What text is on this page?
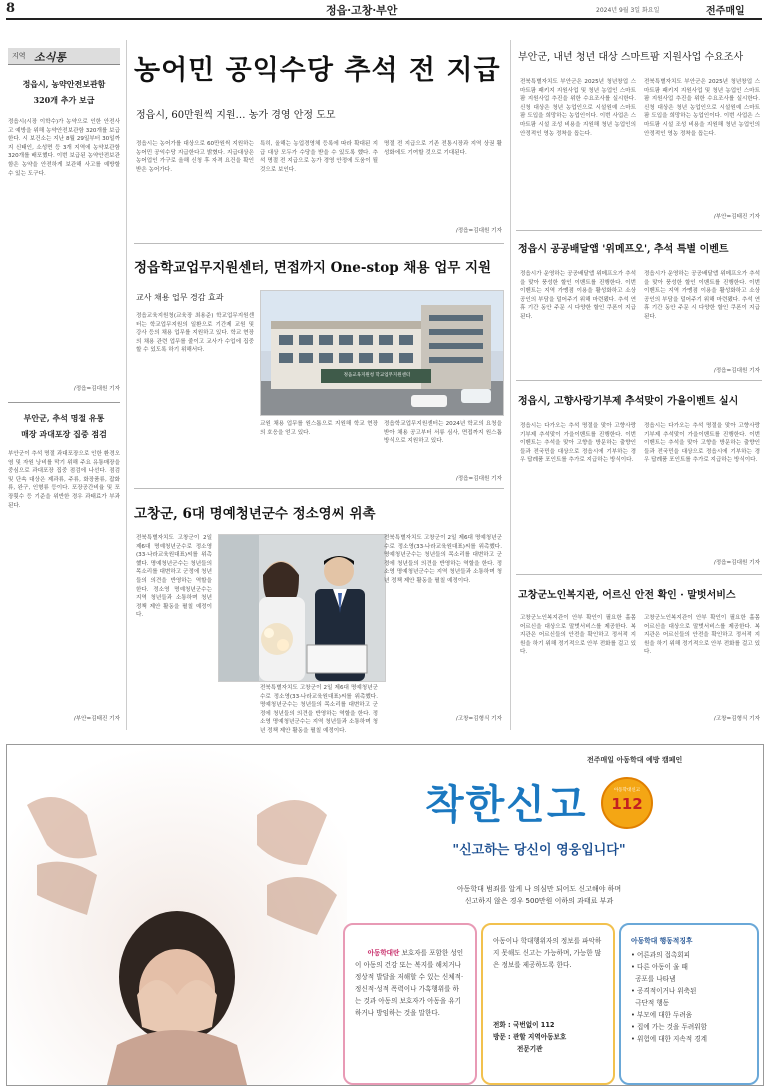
8	정읍·고창·부안	2024년 9월 3일 화요일	전주매일
지역 소식통
정읍시, 농약안전보관함
320개 추가 보급
정읍시(시장 이학수)가 농약으로 인한 안전사고 예방을 위해 농약안전보관함 320개를 보급한다. 시 보건소는 지난 8월 29일부터 30일까지 신태인, 소성면 등 3개 지역에 농약보관함 320개를 배포했다. 이번 보급된 농약안전보관함은 농약을 안전하게 보관해 사고를 예방할 수 있는 도구다.
/정읍=김대원 기자
부안군, 추석 명절 유통
매장 과대포장 집중 점검
부안군이 추석 명절 과대포장으로 인한 환경오염 및 자원 낭비를 막기 위해 주요 유통매장을 중심으로 과대포장 집중 점검에 나선다. 점검 및 단속 대상은 제과류, 주류, 화장품류, 잡화류, 완구, 인형류 등이다. 포장공간비율 및 포장횟수 등 기준을 위반한 경우 과태료가 부과된다.
/부안=김태진 기자
농어민 공익수당 추석 전 지급
정읍시, 60만원씩 지원… 농가 경영 안정 도모
정읍시는 농어가를 대상으로 60만원씩 지원하는 농어민 공익수당 지급한다고 밝혔다. 지급대상은 농어업인 가구로 올해 신청 후 자격 요건을 확인받은 농어가다.
특히, 올해는 농업경영체 등록에 따라 확대된 지급 대상 모두가 수당을 받을 수 있도록 했다. 추석 명절 전 지급으로 농가 경영 안정에 도움이 될 것으로 보인다.
명절 전 지급으로 기존 전통시장과 지역 상권 활성화에도 기여할 것으로 기대된다.
/정읍=김대원 기자
정읍학교업무지원센터, 면접까지 One-stop 채용 업무 지원
교사 채용 업무 경감 효과
정읍교육지원청(교육장 최용준) 학교업무지원센터는 학교업무지원의 일환으로 기간제 교원 및 강사 등의 채용 업무를 지원하고 있다. 학교 현장의 채용 관련 업무를 줄이고 교사가 수업에 집중할 수 있도록 하기 위해서다.
정읍교육지원청 학교업무지원센터
교원 채용 업무를 원스톱으로 지원해 학교 현장의 호응을 얻고 있다.
정읍학교업무지원센터는 2024년 학교의 요청을 받아 채용 공고부터 서류 심사, 면접까지 원스톱 방식으로 지원하고 있다.
/정읍=김대원 기자
고창군, 6대 명예청년군수 정소영씨 위촉
전북특별자치도 고창군이 2일 제6대 명예청년군수로 정소영(33·나라교육원대표)씨를 위촉했다. 명예청년군수는 청년들의 목소리를 대변하고 군정에 청년들의 의견을 반영하는 역할을 한다. 정소영 명예청년군수는 지역 청년들과 소통하며 청년 정책 제안 활동을 펼칠 예정이다.
전북특별자치도 고창군이 2일 제6대 명예청년군수로 정소영(33·나라교육원대표)씨를 위촉했다. 명예청년군수는 청년들의 목소리를 대변하고 군정에 청년들의 의견을 반영하는 역할을 한다. 정소영 명예청년군수는 지역 청년들과 소통하며 청년 정책 제안 활동을 펼칠 예정이다.
전북특별자치도 고창군이 2일 제6대 명예청년군수로 정소영(33·나라교육원대표)씨를 위촉했다. 명예청년군수는 청년들의 목소리를 대변하고 군정에 청년들의 의견을 반영하는 역할을 한다. 정소영 명예청년군수는 지역 청년들과 소통하며 청년 정책 제안 활동을 펼칠 예정이다.
/고창=김형식 기자
부안군, 내년 청년 대상 스마트팜 지원사업 수요조사
전북특별자치도 부안군은 2025년 청년창업 스마트팜 패키지 지원사업 및 청년 농업인 스마트팜 지원사업 추진을 위한 수요조사를 실시한다. 신청 대상은 청년 농업인으로 시설원예 스마트팜 도입을 희망하는 농업인이다. 이번 사업은 스마트팜 시설 조성 비용을 지원해 청년 농업인의 안정적인 영농 정착을 돕는다.
전북특별자치도 부안군은 2025년 청년창업 스마트팜 패키지 지원사업 및 청년 농업인 스마트팜 지원사업 추진을 위한 수요조사를 실시한다. 신청 대상은 청년 농업인으로 시설원예 스마트팜 도입을 희망하는 농업인이다. 이번 사업은 스마트팜 시설 조성 비용을 지원해 청년 농업인의 안정적인 영농 정착을 돕는다.
/부안=김태진 기자
정읍시 공공배달앱 '위메프오', 추석 특별 이벤트
정읍시가 운영하는 공공배달앱 위메프오가 추석을 맞아 풍성한 할인 이벤트를 진행한다. 이번 이벤트는 지역 가맹점 이용을 활성화하고 소상공인의 부담을 덜어주기 위해 마련됐다. 추석 연휴 기간 동안 주문 시 다양한 할인 쿠폰이 지급된다.
정읍시가 운영하는 공공배달앱 위메프오가 추석을 맞아 풍성한 할인 이벤트를 진행한다. 이번 이벤트는 지역 가맹점 이용을 활성화하고 소상공인의 부담을 덜어주기 위해 마련됐다. 추석 연휴 기간 동안 주문 시 다양한 할인 쿠폰이 지급된다.
/정읍=김대원 기자
정읍시, 고향사랑기부제 추석맞이 가을이벤트 실시
정읍시는 다가오는 추석 명절을 맞아 고향사랑기부제 추석맞이 가을이벤트를 진행한다. 이번 이벤트는 추석을 맞아 고향을 방문하는 출향인들과 전국민을 대상으로 정읍시에 기부하는 경우 답례품 포인트를 추가로 지급하는 방식이다.
정읍시는 다가오는 추석 명절을 맞아 고향사랑기부제 추석맞이 가을이벤트를 진행한다. 이번 이벤트는 추석을 맞아 고향을 방문하는 출향인들과 전국민을 대상으로 정읍시에 기부하는 경우 답례품 포인트를 추가로 지급하는 방식이다.
/정읍=김대원 기자
고창군노인복지관, 어르신 안전 확인 · 말벗서비스
고창군노인복지관이 안부 확인이 필요한 홀몸 어르신을 대상으로 말벗서비스를 제공한다. 복지관은 어르신들의 안전을 확인하고 정서적 지원을 하기 위해 정기적으로 안부 전화를 걸고 있다.
고창군노인복지관이 안부 확인이 필요한 홀몸 어르신을 대상으로 말벗서비스를 제공한다. 복지관은 어르신들의 안전을 확인하고 정서적 지원을 하기 위해 정기적으로 안부 전화를 걸고 있다.
/고창=김형식 기자
전주매일 아동학대 예방 캠페인
착한신고	아동학대신고
112
"신고하는 당신이 영웅입니다"
아동학대 범죄를 알게 나 의심만 되어도 신고해야 하며
신고하지 않은 경우 500만원 이하의 과태료 부과

아동학대란 보호자를 포함한 성인이 아동의 건강 또는 복지를 해치거나 정상적 발달을 저해할 수 있는 신체적·정신적·성적 폭력이나 가혹행위를 하는 것과 아동의 보호자가 아동을 유기하거나 방임하는 것을 말한다.

아동이나 학대행위자의 정보를 파악하지 못해도 신고는 가능하며, 가능한 많은 정보를 제공하도록 한다.
전화 : 국번없이 112
방문 : 관할 지역아동보호
전문기관
아동학대 행동적징후
• 어른과의 접촉회피
• 다른 아동이 울 때
공포를 나타냄
• 공격적이거나 위축된
극단적 행동
• 부모에 대한 두려움
• 집에 가는 것을 두려워함
• 위험에 대한 지속적 경계
